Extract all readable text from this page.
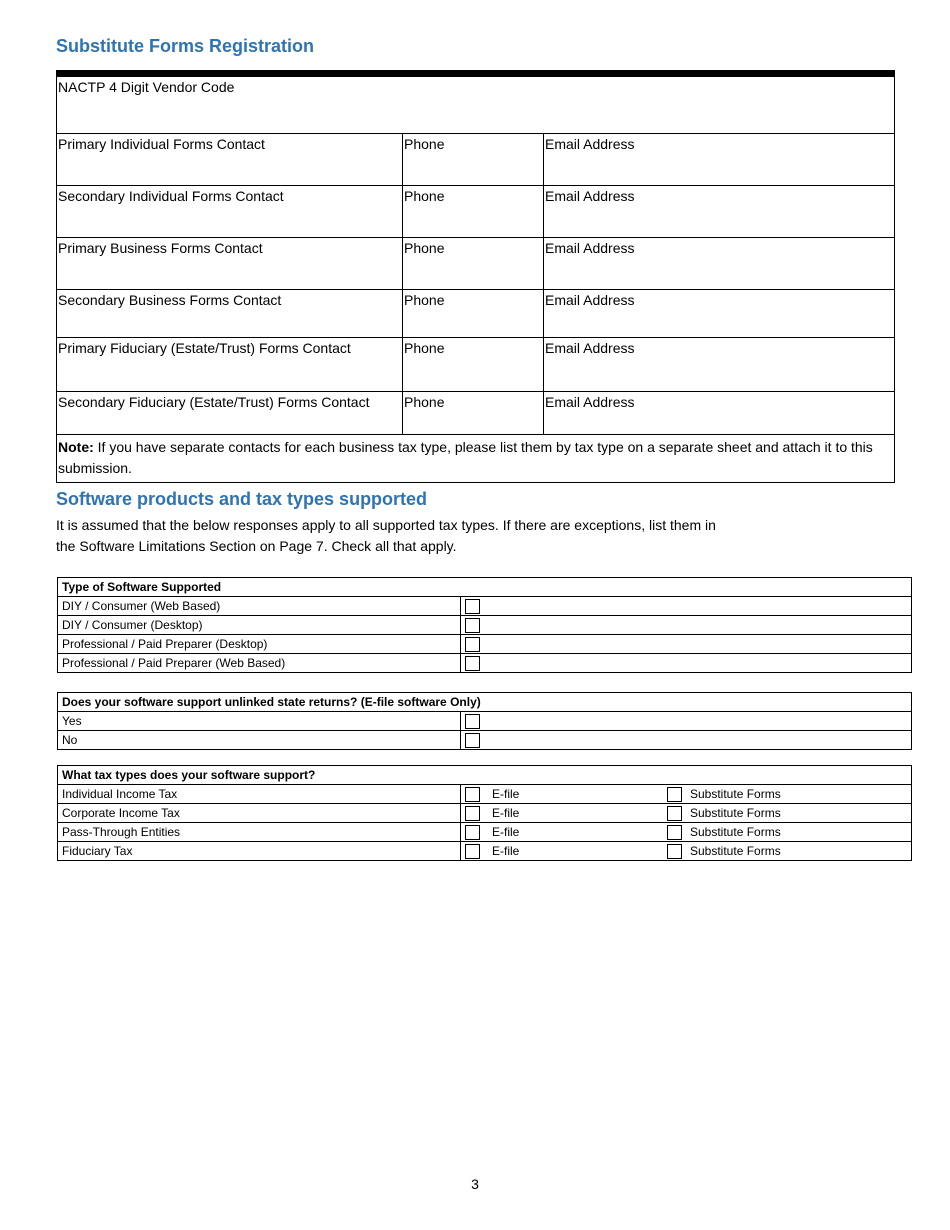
Substitute Forms Registration
NACTP 4 Digit Vendor Code		
Primary Individual Forms Contact	Phone	Email Address
Secondary Individual Forms Contact	Phone	Email Address
Primary Business Forms Contact	Phone	Email Address
Secondary Business Forms Contact	Phone	Email Address
Primary Fiduciary (Estate/Trust) Forms Contact	Phone	Email Address
Secondary Fiduciary (Estate/Trust) Forms Contact	Phone	Email Address
Note: If you have separate contacts for each business tax type, please list them by tax type on a separate sheet and attach it to this submission.		
Software products and tax types supported

It is assumed that the below responses apply to all supported tax types. If there are exceptions, list them in
the Software Limitations Section on Page 7. Check all that apply.

Type of Software Supported	
DIY / Consumer (Web Based)	
DIY / Consumer (Desktop)	
Professional / Paid Preparer (Desktop)	
Professional / Paid Preparer (Web Based)	
Does your software support unlinked state returns? (E-file software Only)	
Yes	
No	
What tax types does your software support?	
Individual Income Tax	E-file Substitute Forms

Corporate Income Tax	E-file Substitute Forms

Pass-Through Entities	E-file Substitute Forms

Fiduciary Tax	E-file Substitute Forms
3
